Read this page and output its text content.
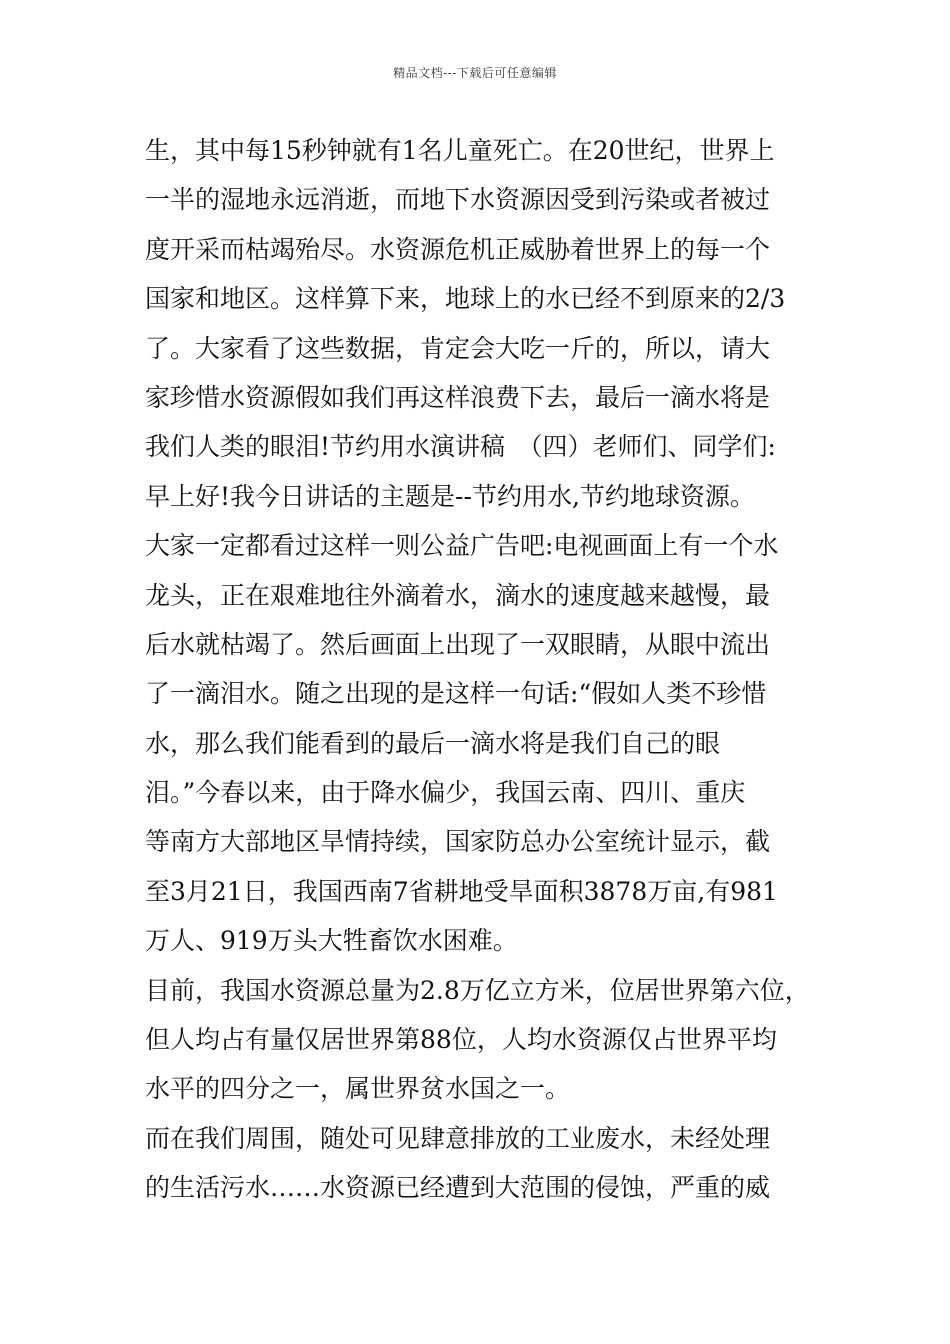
精品文档---下载后可任意编辑
生，其中每15秒钟就有1名儿童死亡。在20世纪，世界上
一半的湿地永远消逝，而地下水资源因受到污染或者被过
度开采而枯竭殆尽。水资源危机正威胁着世界上的每一个
国家和地区。这样算下来，地球上的水已经不到原来的2/3
了。大家看了这些数据，肯定会大吃一斤的，所以，请大
家珍惜水资源假如我们再这样浪费下去，最后一滴水将是
我们人类的眼泪!节约用水演讲稿　（四）老师们、同学们:
早上好!我今日讲话的主题是--节约用水,节约地球资源。
大家一定都看过这样一则公益广告吧:电视画面上有一个水
龙头，正在艰难地往外滴着水，滴水的速度越来越慢，最
后水就枯竭了。然后画面上出现了一双眼睛，从眼中流出
了一滴泪水。随之出现的是这样一句话:“假如人类不珍惜
水，那么我们能看到的最后一滴水将是我们自己的眼
泪。”今春以来，由于降水偏少，我国云南、四川、重庆
等南方大部地区旱情持续，国家防总办公室统计显示，截
至3月21日，我国西南7省耕地受旱面积3878万亩,有981
万人、919万头大牲畜饮水困难。
目前，我国水资源总量为2.8万亿立方米，位居世界第六位，
但人均占有量仅居世界第88位，人均水资源仅占世界平均
水平的四分之一，属世界贫水国之一。
而在我们周围，随处可见肆意排放的工业废水，未经处理
的生活污水……水资源已经遭到大范围的侵蚀，严重的威
